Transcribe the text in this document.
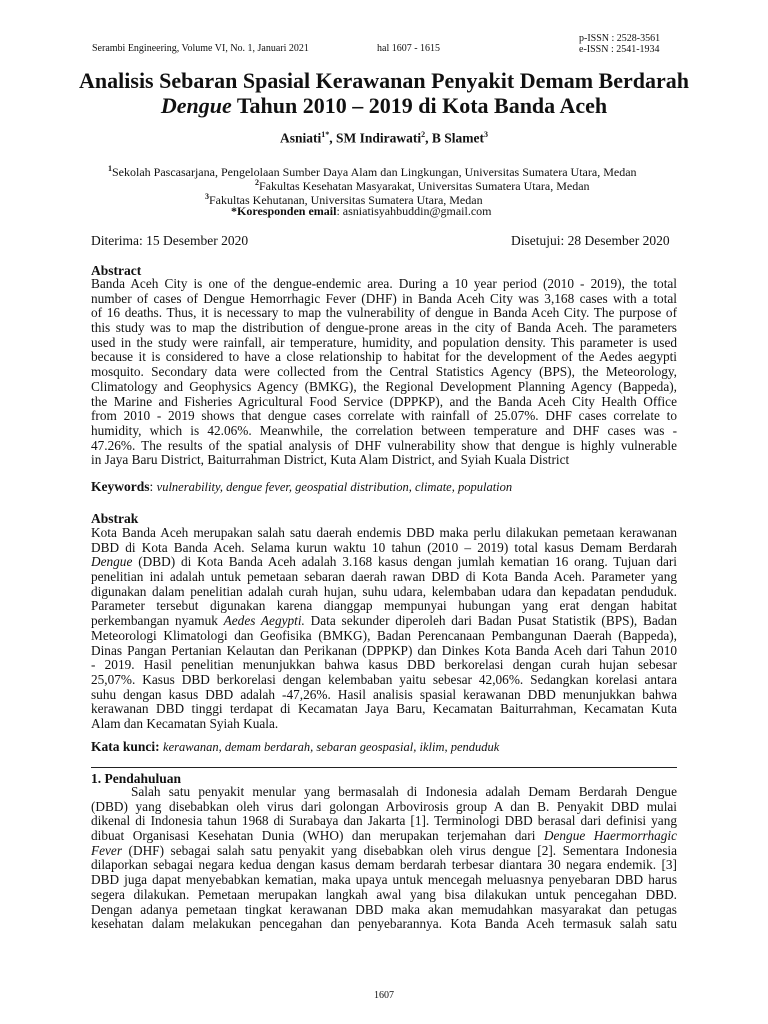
Serambi Engineering, Volume VI, No. 1, Januari 2021	hal 1607 - 1615
p-ISSN : 2528-3561
e-ISSN : 2541-1934
Analisis Sebaran Spasial Kerawanan Penyakit Demam Berdarah
Dengue Tahun 2010 – 2019 di Kota Banda Aceh
Asniati$^{1*}$, SM Indirawati$^2$, B Slamet$^3$
$^1$Sekolah Pascasarjana, Pengelolaan Sumber Daya Alam dan Lingkungan, Universitas Sumatera Utara, Medan
$^2$Fakultas Kesehatan Masyarakat, Universitas Sumatera Utara, Medan
$^3$Fakultas Kehutanan, Universitas Sumatera Utara, Medan
*Koresponden email: asniatisyahbuddin@gmail.com
Diterima: 15 Desember 2020	Disetujui: 28 Desember 2020
Abstract
Banda Aceh City is one of the dengue-endemic area. During a 10 year period (2010 - 2019), the total
number of cases of Dengue Hemorrhagic Fever (DHF) in Banda Aceh City was 3,168 cases with a total
of 16 deaths. Thus, it is necessary to map the vulnerability of dengue in Banda Aceh City. The purpose of
this study was to map the distribution of dengue-prone areas in the city of Banda Aceh. The parameters
used in the study were rainfall, air temperature, humidity, and population density. This parameter is used
because it is considered to have a close relationship to habitat for the development of the Aedes aegypti
mosquito. Secondary data were collected from the Central Statistics Agency (BPS), the Meteorology,
Climatology and Geophysics Agency (BMKG), the Regional Development Planning Agency (Bappeda),
the Marine and Fisheries Agricultural Food Service (DPPKP), and the Banda Aceh City Health Office
from 2010 - 2019 shows that dengue cases correlate with rainfall of 25.07%. DHF cases correlate to
humidity, which is 42.06%. Meanwhile, the correlation between temperature and DHF cases was -
47.26%. The results of the spatial analysis of DHF vulnerability show that dengue is highly vulnerable
in Jaya Baru District, Baiturrahman District, Kuta Alam District, and Syiah Kuala District
Keywords: vulnerability, dengue fever, geospatial distribution, climate, population
Abstrak
Kota Banda Aceh merupakan salah satu daerah endemis DBD maka perlu dilakukan pemetaan kerawanan
DBD di Kota Banda Aceh. Selama kurun waktu 10 tahun (2010 – 2019) total kasus Demam Berdarah
Dengue (DBD) di Kota Banda Aceh adalah 3.168 kasus dengan jumlah kematian 16 orang. Tujuan dari
penelitian ini adalah untuk pemetaan sebaran daerah rawan DBD di Kota Banda Aceh. Parameter yang
digunakan dalam penelitian adalah curah hujan, suhu udara, kelembaban udara dan kepadatan penduduk.
Parameter tersebut digunakan karena dianggap mempunyai hubungan yang erat dengan habitat
perkembangan nyamuk Aedes Aegypti. Data sekunder diperoleh dari Badan Pusat Statistik (BPS), Badan
Meteorologi Klimatologi dan Geofisika (BMKG), Badan Perencanaan Pembangunan Daerah (Bappeda),
Dinas Pangan Pertanian Kelautan dan Perikanan (DPPKP) dan Dinkes Kota Banda Aceh dari Tahun 2010
- 2019. Hasil penelitian menunjukkan bahwa kasus DBD berkorelasi dengan curah hujan sebesar
25,07%. Kasus DBD berkorelasi dengan kelembaban yaitu sebesar 42,06%. Sedangkan korelasi antara
suhu dengan kasus DBD adalah -47,26%. Hasil analisis spasial kerawanan DBD menunjukkan bahwa
kerawanan DBD tinggi terdapat di Kecamatan Jaya Baru, Kecamatan Baiturrahman, Kecamatan Kuta
Alam dan Kecamatan Syiah Kuala.
Kata kunci: kerawanan, demam berdarah, sebaran geospasial, iklim, penduduk
1. Pendahuluan
Salah satu penyakit menular yang bermasalah di Indonesia adalah Demam Berdarah Dengue
(DBD) yang disebabkan oleh virus dari golongan Arbovirosis group A dan B. Penyakit DBD mulai
dikenal di Indonesia tahun 1968 di Surabaya dan Jakarta [1]. Terminologi DBD berasal dari definisi yang
dibuat Organisasi Kesehatan Dunia (WHO) dan merupakan terjemahan dari Dengue Haermorrhagic
Fever (DHF) sebagai salah satu penyakit yang disebabkan oleh virus dengue [2]. Sementara Indonesia
dilaporkan sebagai negara kedua dengan kasus demam berdarah terbesar diantara 30 negara endemik. [3]
DBD juga dapat menyebabkan kematian, maka upaya untuk mencegah meluasnya penyebaran DBD harus
segera dilakukan. Pemetaan merupakan langkah awal yang bisa dilakukan untuk pencegahan DBD.
Dengan adanya pemetaan tingkat kerawanan DBD maka akan memudahkan masyarakat dan petugas
kesehatan dalam melakukan pencegahan dan penyebarannya. Kota Banda Aceh termasuk salah satu
1607
